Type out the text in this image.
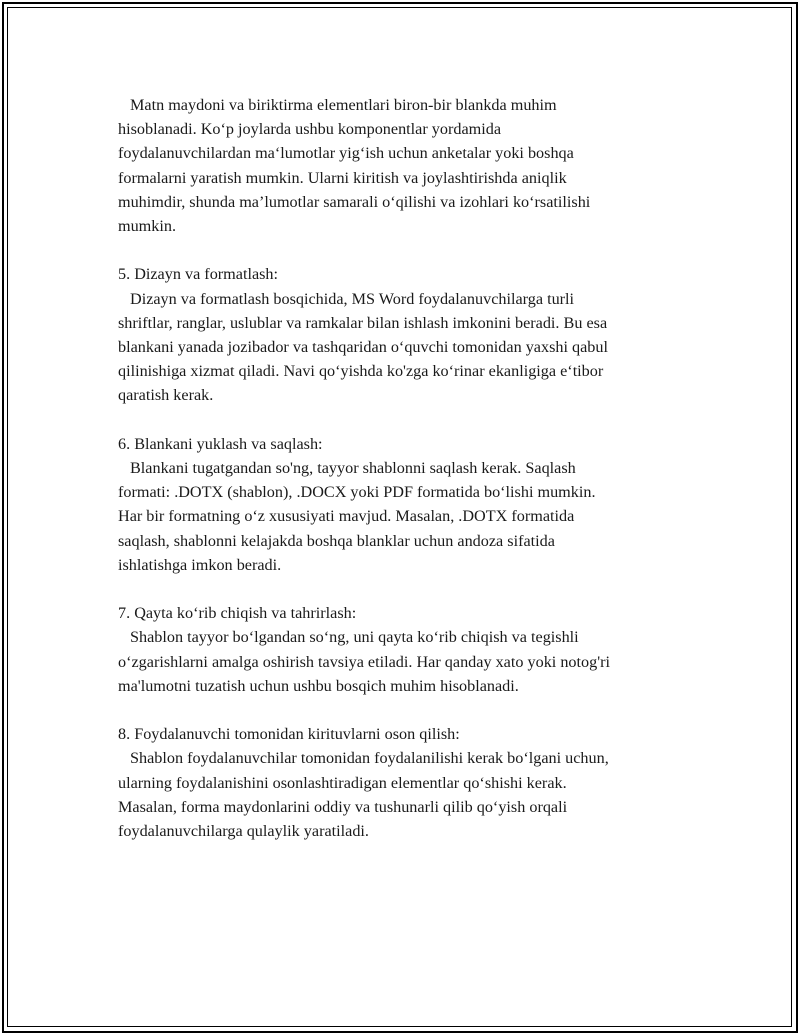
Matn maydoni va biriktirma elementlari biron-bir blankda muhim
hisoblanadi. Koʻp joylarda ushbu komponentlar yordamida
foydalanuvchilardan maʻlumotlar yigʻish uchun anketalar yoki boshqa
formalarni yaratish mumkin. Ularni kiritish va joylashtirishda aniqlik
muhimdir, shunda maʼlumotlar samarali oʻqilishi va izohlari koʻrsatilishi
mumkin.
5. Dizayn va formatlash:
Dizayn va formatlash bosqichida, MS Word foydalanuvchilarga turli
shriftlar, ranglar, uslublar va ramkalar bilan ishlash imkonini beradi. Bu esa
blankani yanada jozibador va tashqaridan oʻquvchi tomonidan yaxshi qabul
qilinishiga xizmat qiladi. Navi qoʻyishda ko'zga koʻrinar ekanligiga eʻtibor
qaratish kerak.
6. Blankani yuklash va saqlash:
Blankani tugatgandan so'ng, tayyor shablonni saqlash kerak. Saqlash
formati: .DOTX (shablon), .DOCX yoki PDF formatida boʻlishi mumkin.
Har bir formatning oʻz xususiyati mavjud. Masalan, .DOTX formatida
saqlash, shablonni kelajakda boshqa blanklar uchun andoza sifatida
ishlatishga imkon beradi.
7. Qayta koʻrib chiqish va tahrirlash:
Shablon tayyor boʻlgandan soʻng, uni qayta koʻrib chiqish va tegishli
oʻzgarishlarni amalga oshirish tavsiya etiladi. Har qanday xato yoki notog'ri
ma'lumotni tuzatish uchun ushbu bosqich muhim hisoblanadi.
8. Foydalanuvchi tomonidan kirituvlarni oson qilish:
Shablon foydalanuvchilar tomonidan foydalanilishi kerak boʻlgani uchun,
ularning foydalanishini osonlashtiradigan elementlar qoʻshishi kerak.
Masalan, forma maydonlarini oddiy va tushunarli qilib qoʻyish orqali
foydalanuvchilarga qulaylik yaratiladi.
